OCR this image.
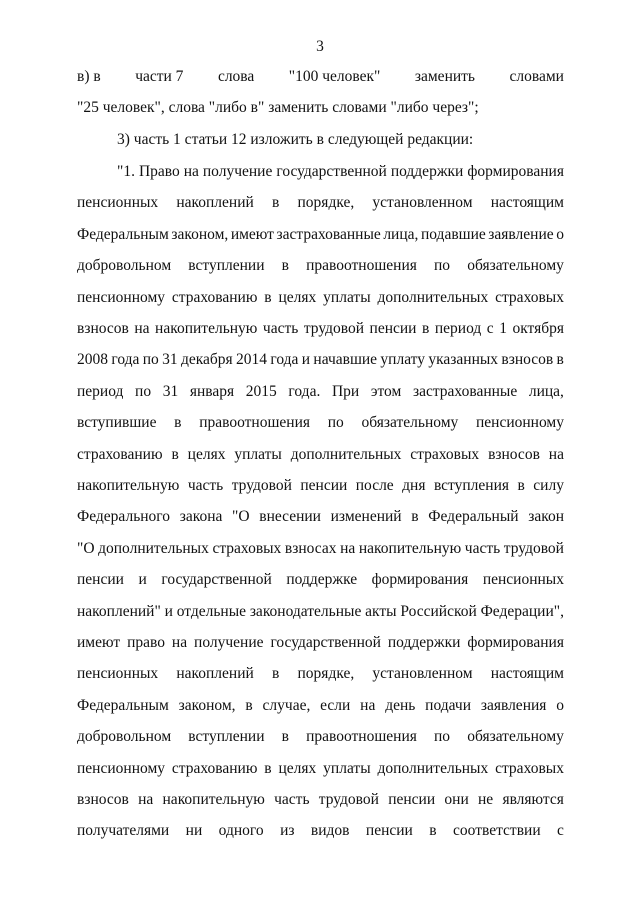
3
в) в части 7 слова "100 человек" заменить словами
"25 человек", слова "либо в" заменить словами "либо через";
3) часть 1 статьи 12 изложить в следующей редакции:
"1. Право на получение государственной поддержки формирования
пенсионных накоплений в порядке, установленном настоящим
Федеральным законом, имеют застрахованные лица, подавшие заявление о
добровольном вступлении в правоотношения по обязательному
пенсионному страхованию в целях уплаты дополнительных страховых
взносов на накопительную часть трудовой пенсии в период с 1 октября
2008 года по 31 декабря 2014 года и начавшие уплату указанных взносов в
период по 31 января 2015 года. При этом застрахованные лица,
вступившие в правоотношения по обязательному пенсионному
страхованию в целях уплаты дополнительных страховых взносов на
накопительную часть трудовой пенсии после дня вступления в силу
Федерального закона "О внесении изменений в Федеральный закон
"О дополнительных страховых взносах на накопительную часть трудовой
пенсии и государственной поддержке формирования пенсионных
накоплений" и отдельные законодательные акты Российской Федерации",
имеют право на получение государственной поддержки формирования
пенсионных накоплений в порядке, установленном настоящим
Федеральным законом, в случае, если на день подачи заявления о
добровольном вступлении в правоотношения по обязательному
пенсионному страхованию в целях уплаты дополнительных страховых
взносов на накопительную часть трудовой пенсии они не являются
получателями ни одного из видов пенсии в соответствии с
